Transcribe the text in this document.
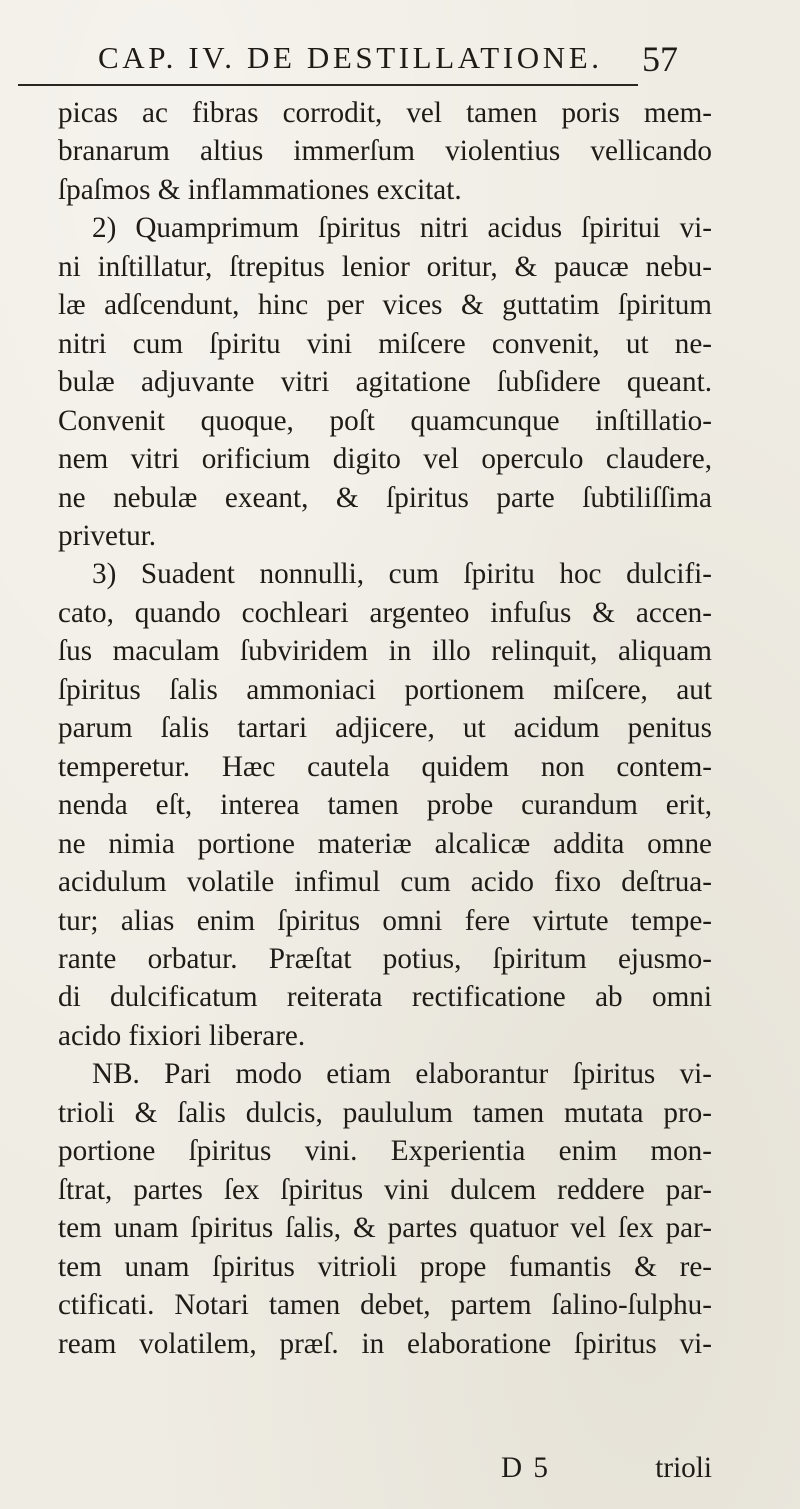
CAP. IV. DE DESTILLATIONE. 57
picas ac fibras corrodit, vel tamen poris mem-
branarum altius immerſum violentius vellicando
ſpaſmos & inflammationes excitat.
2) Quamprimum ſpiritus nitri acidus ſpiritui vi-
ni inſtillatur, ſtrepitus lenior oritur, & paucæ nebu-
læ adſcendunt, hinc per vices & guttatim ſpiritum
nitri cum ſpiritu vini miſcere convenit, ut ne-
bulæ adjuvante vitri agitatione ſubſidere queant.
Convenit quoque, poſt quamcunque inſtillatio-
nem vitri orificium digito vel operculo claudere,
ne nebulæ exeant, & ſpiritus parte ſubtiliſſima
privetur.
3) Suadent nonnulli, cum ſpiritu hoc dulcifi-
cato, quando cochleari argenteo infuſus & accen-
ſus maculam ſubviridem in illo relinquit, aliquam
ſpiritus ſalis ammoniaci portionem miſcere, aut
parum ſalis tartari adjicere, ut acidum penitus
temperetur. Hæc cautela quidem non contem-
nenda eſt, interea tamen probe curandum erit,
ne nimia portione materiæ alcalicæ addita omne
acidulum volatile infimul cum acido fixo deſtrua-
tur; alias enim ſpiritus omni fere virtute tempe-
rante orbatur. Præſtat potius, ſpiritum ejusmo-
di dulcificatum reiterata rectificatione ab omni
acido fixiori liberare.
NB. Pari modo etiam elaborantur ſpiritus vi-
trioli & ſalis dulcis, paululum tamen mutata pro-
portione ſpiritus vini. Experientia enim mon-
ſtrat, partes ſex ſpiritus vini dulcem reddere par-
tem unam ſpiritus ſalis, & partes quatuor vel ſex par-
tem unam ſpiritus vitrioli prope fumantis & re-
ctificati. Notari tamen debet, partem ſalino-ſulphu-
ream volatilem, præſ. in elaboratione ſpiritus vi-
D 5	trioli
